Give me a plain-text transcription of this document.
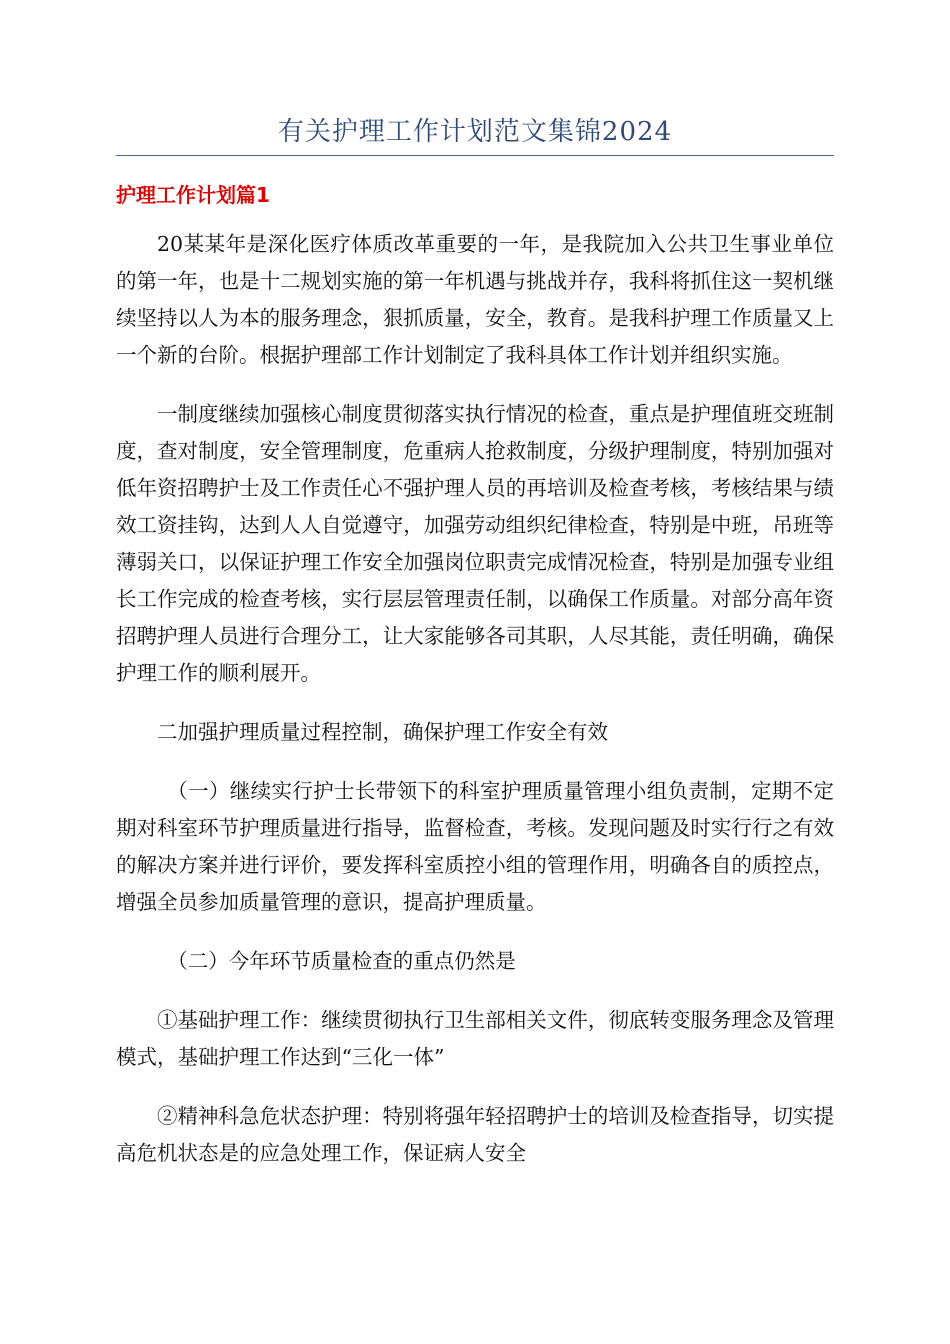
有关护理工作计划范文集锦2024
护理工作计划篇1

20某某年是深化医疗体质改革重要的一年，是我院加入公共卫生事业单位的第一年，也是十二规划实施的第一年机遇与挑战并存，我科将抓住这一契机继续坚持以人为本的服务理念，狠抓质量，安全，教育。是我科护理工作质量又上一个新的台阶。根据护理部工作计划制定了我科具体工作计划并组织实施。

一制度继续加强核心制度贯彻落实执行情况的检查，重点是护理值班交班制度，查对制度，安全管理制度，危重病人抢救制度，分级护理制度，特别加强对低年资招聘护士及工作责任心不强护理人员的再培训及检查考核，考核结果与绩效工资挂钩，达到人人自觉遵守，加强劳动组织纪律检查，特别是中班，吊班等薄弱关口，以保证护理工作安全加强岗位职责完成情况检查，特别是加强专业组长工作完成的检查考核，实行层层管理责任制，以确保工作质量。对部分高年资招聘护理人员进行合理分工，让大家能够各司其职，人尽其能，责任明确，确保护理工作的顺利展开。

二加强护理质量过程控制，确保护理工作安全有效

（一）继续实行护士长带领下的科室护理质量管理小组负责制，定期不定期对科室环节护理质量进行指导，监督检查，考核。发现问题及时实行行之有效的解决方案并进行评价，要发挥科室质控小组的管理作用，明确各自的质控点，增强全员参加质量管理的意识，提高护理质量。

（二）今年环节质量检查的重点仍然是

①基础护理工作：继续贯彻执行卫生部相关文件，彻底转变服务理念及管理模式，基础护理工作达到“三化一体”

②精神科急危状态护理：特别将强年轻招聘护士的培训及检查指导，切实提高危机状态是的应急处理工作，保证病人安全
